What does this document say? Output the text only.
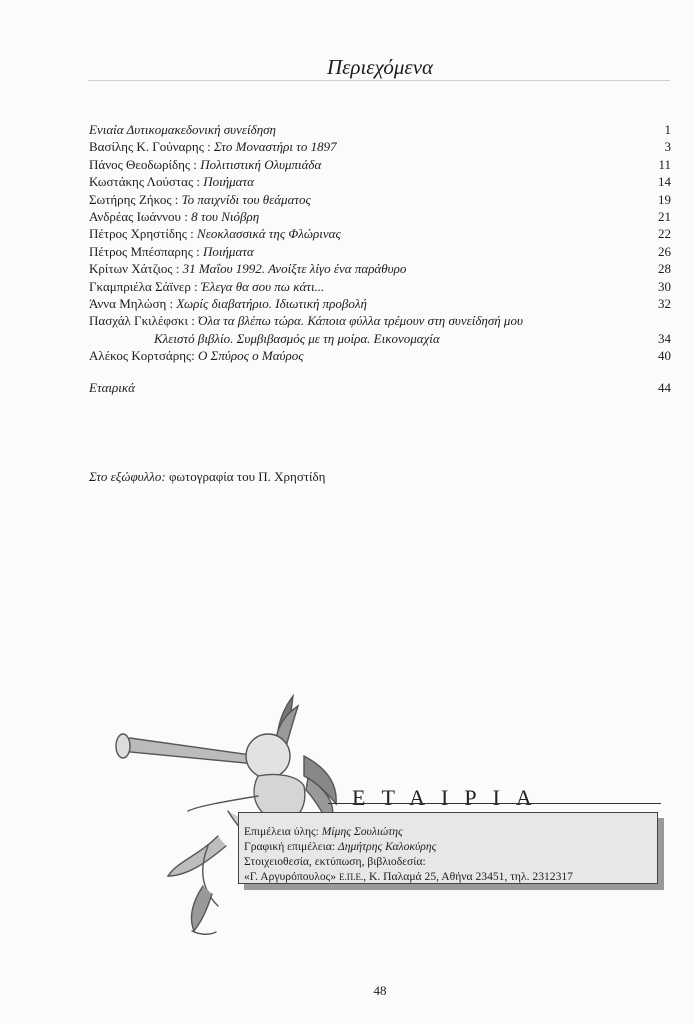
Περιεχόμενα
Ενιαία Δυτικομακεδονική συνείδηση	1
Βασίλης Κ. Γούναρης : Στο Μοναστήρι το 1897	3
Πάνος Θεοδωρίδης : Πολιτιστική Ολυμπιάδα	11
Κωστάκης Λούστας : Ποιήματα	14
Σωτήρης Ζήκος : Το παιχνίδι του θεάματος	19
Ανδρέας Ιωάννου : 8 του Νιόβρη	21
Πέτρος Χρηστίδης : Νεοκλασσικά της Φλώρινας	22
Πέτρος Μπέσπαρης : Ποιήματα	26
Κρίτων Χάτζιος : 31 Μαΐου 1992. Ανοίξτε λίγο ένα παράθυρο	28
Γκαμπριέλα Σάϊνερ : Έλεγα θα σου πω κάτι...	30
Άννα Μηλώση : Χωρίς διαβατήριο. Ιδιωτική προβολή	32
Πασχάλ Γκιλέφσκι : Όλα τα βλέπω τώρα. Κάποια φύλλα τρέμουν στη συνείδησή μου
Κλειστό βιβλίο. Συμβιβασμός με τη μοίρα. Εικονομαχία	34
Αλέκος Κορτσάρης: Ο Σπύρος ο Μαύρος	40
Εταιρικά	44
Στο εξώφυλλο: φωτογραφία του Π. Χρηστίδη
ΕΤΑΙΡΙΑ
Επιμέλεια ύλης: Μίμης Σουλιώτης
Γραφική επιμέλεια: Δημήτρης Καλοκύρης
Στοιχειοθεσία, εκτύπωση, βιβλιοδεσία:
«Γ. Αργυρόπουλος» Ε.Π.Ε., Κ. Παλαμά 25, Αθήνα 23451, τηλ. 2312317
48
